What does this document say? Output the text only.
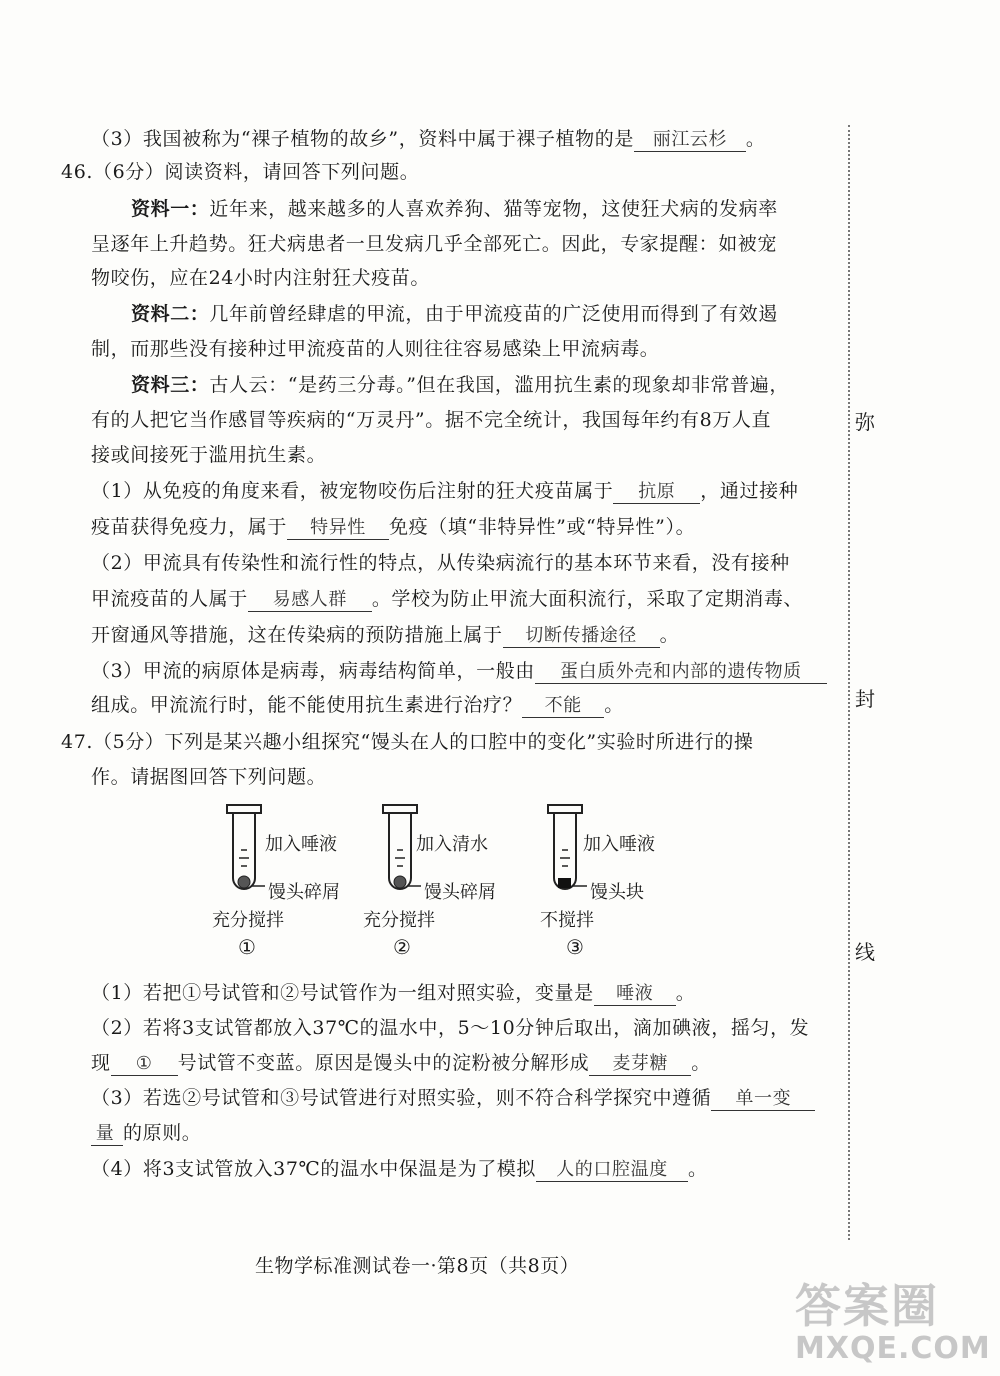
（3）我国被称为“裸子植物的故乡”，资料中属于裸子植物的是 丽江云杉 。
46.（6分）阅读资料，请回答下列问题。
资料一：近年来，越来越多的人喜欢养狗、猫等宠物，这使狂犬病的发病率
呈逐年上升趋势。狂犬病患者一旦发病几乎全部死亡。因此，专家提醒：如被宠
物咬伤，应在24小时内注射狂犬疫苗。
资料二：几年前曾经肆虐的甲流，由于甲流疫苗的广泛使用而得到了有效遏
制，而那些没有接种过甲流疫苗的人则往往容易感染上甲流病毒。
资料三：古人云：“是药三分毒。”但在我国，滥用抗生素的现象却非常普遍，
有的人把它当作感冒等疾病的“万灵丹”。据不完全统计，我国每年约有8万人直
接或间接死于滥用抗生素。
（1）从免疫的角度来看，被宠物咬伤后注射的狂犬疫苗属于 抗原 ，通过接种
疫苗获得免疫力，属于 特异性 免疫（填“非特异性”或“特异性”）。
（2）甲流具有传染性和流行性的特点，从传染病流行的基本环节来看，没有接种
甲流疫苗的人属于 易感人群 。学校为防止甲流大面积流行，采取了定期消毒、
开窗通风等措施，这在传染病的预防措施上属于 切断传播途径 。
（3）甲流的病原体是病毒，病毒结构简单，一般由 蛋白质外壳和内部的遗传物质
组成。甲流流行时，能不能使用抗生素进行治疗？ 不能 。
47.（5分）下列是某兴趣小组探究“馒头在人的口腔中的变化”实验时所进行的操
作。请据图回答下列问题。
加入唾液
馒头碎屑
充分搅拌
①
加入清水
馒头碎屑
充分搅拌
②
加入唾液
馒头块
不搅拌
③
（1）若把①号试管和②号试管作为一组对照实验，变量是 唾液 。
（2）若将3支试管都放入37℃的温水中，5～10分钟后取出，滴加碘液，摇匀，发
现 ① 号试管不变蓝。原因是馒头中的淀粉被分解形成 麦芽糖 。
（3）若选②号试管和③号试管进行对照实验，则不符合科学探究中遵循 单一变
量 的原则。
（4）将3支试管放入37℃的温水中保温是为了模拟 人的口腔温度 。
弥
封
线
生物学标准测试卷一·第8页（共8页）
答案圈
MXQE.COM
